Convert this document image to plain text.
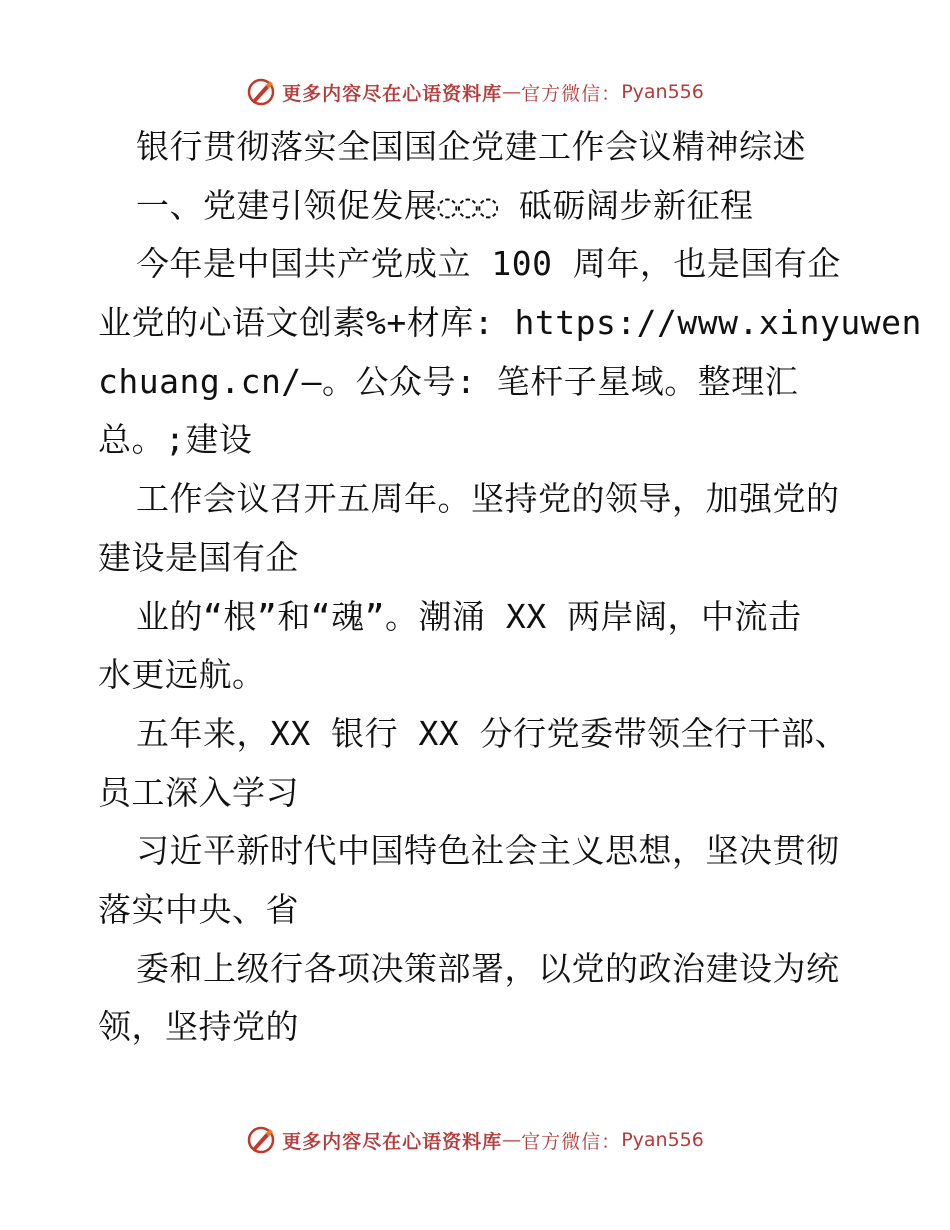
更多内容尽在心语资料库 — 官方微信： Pyan556
银行贯彻落实全国国企党建工作会议精神综述
一、党建引领促发展◌◌◌ 砥砺阔步新征程
今年是中国共产党成立 100 周年，也是国有企
业党的心语文创素%+材库: https://www.xinyuwen
chuang.cn/—。公众号: 笔杆子星域。整理汇
总。;建设
工作会议召开五周年。坚持党的领导，加强党的
建设是国有企
业的“根”和“魂”。潮涌 XX 两岸阔，中流击
水更远航。
五年来，XX 银行 XX 分行党委带领全行干部、
员工深入学习
习近平新时代中国特色社会主义思想，坚决贯彻
落实中央、省
委和上级行各项决策部署，以党的政治建设为统
领，坚持党的
更多内容尽在心语资料库 — 官方微信： Pyan556
